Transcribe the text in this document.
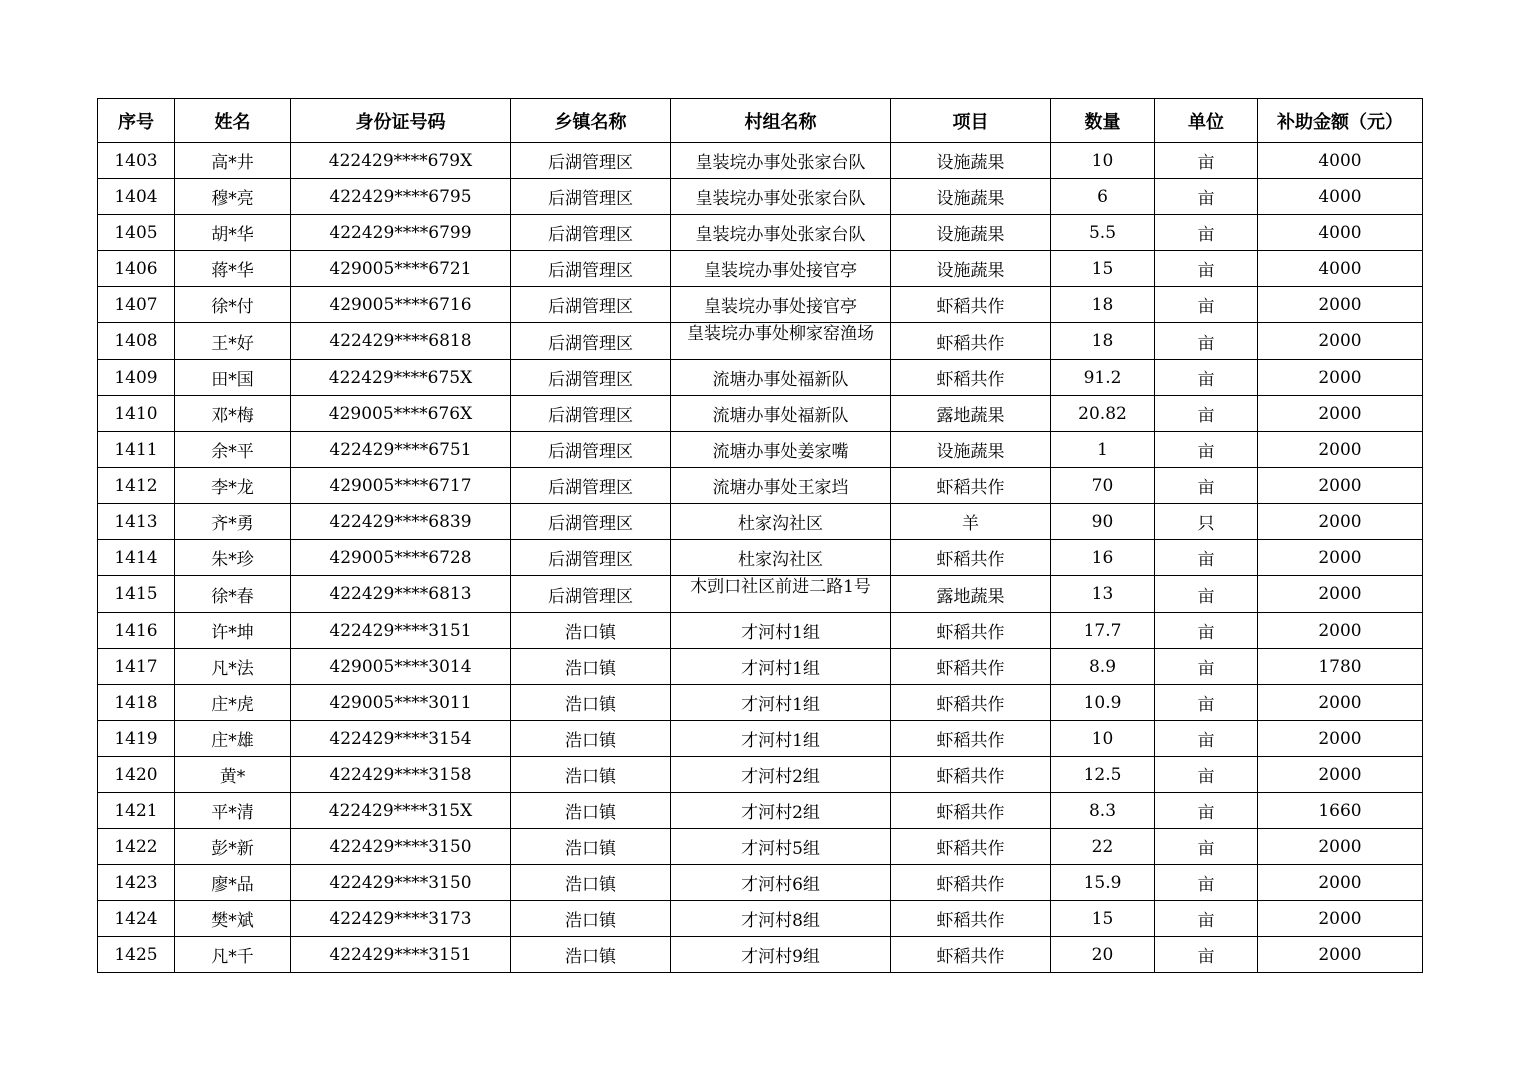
序号	姓名	身份证号码	乡镇名称	村组名称	项目	数量	单位	补助金额（元）
1403	高*井	422429****679X	后湖管理区	皇装垸办事处张家台队	设施蔬果	10	亩	4000
1404	穆*亮	422429****6795	后湖管理区	皇装垸办事处张家台队	设施蔬果	6	亩	4000
1405	胡*华	422429****6799	后湖管理区	皇装垸办事处张家台队	设施蔬果	5.5	亩	4000
1406	蒋*华	429005****6721	后湖管理区	皇装垸办事处接官亭	设施蔬果	15	亩	4000
1407	徐*付	429005****6716	后湖管理区	皇装垸办事处接官亭	虾稻共作	18	亩	2000
1408	王*好	422429****6818	后湖管理区	皇装垸办事处柳家窑渔场	虾稻共作	18	亩	2000
1409	田*国	422429****675X	后湖管理区	流塘办事处福新队	虾稻共作	91.2	亩	2000
1410	邓*梅	429005****676X	后湖管理区	流塘办事处福新队	露地蔬果	20.82	亩	2000
1411	余*平	422429****6751	后湖管理区	流塘办事处姜家嘴	设施蔬果	1	亩	2000
1412	李*龙	429005****6717	后湖管理区	流塘办事处王家垱	虾稻共作	70	亩	2000
1413	齐*勇	422429****6839	后湖管理区	杜家沟社区	羊	90	只	2000
1414	朱*珍	429005****6728	后湖管理区	杜家沟社区	虾稻共作	16	亩	2000
1415	徐*春	422429****6813	后湖管理区	木剅口社区前进二路1号	露地蔬果	13	亩	2000
1416	许*坤	422429****3151	浩口镇	才河村1组	虾稻共作	17.7	亩	2000
1417	凡*法	429005****3014	浩口镇	才河村1组	虾稻共作	8.9	亩	1780
1418	庄*虎	429005****3011	浩口镇	才河村1组	虾稻共作	10.9	亩	2000
1419	庄*雄	422429****3154	浩口镇	才河村1组	虾稻共作	10	亩	2000
1420	黄*	422429****3158	浩口镇	才河村2组	虾稻共作	12.5	亩	2000
1421	平*清	422429****315X	浩口镇	才河村2组	虾稻共作	8.3	亩	1660
1422	彭*新	422429****3150	浩口镇	才河村5组	虾稻共作	22	亩	2000
1423	廖*品	422429****3150	浩口镇	才河村6组	虾稻共作	15.9	亩	2000
1424	樊*斌	422429****3173	浩口镇	才河村8组	虾稻共作	15	亩	2000
1425	凡*千	422429****3151	浩口镇	才河村9组	虾稻共作	20	亩	2000
